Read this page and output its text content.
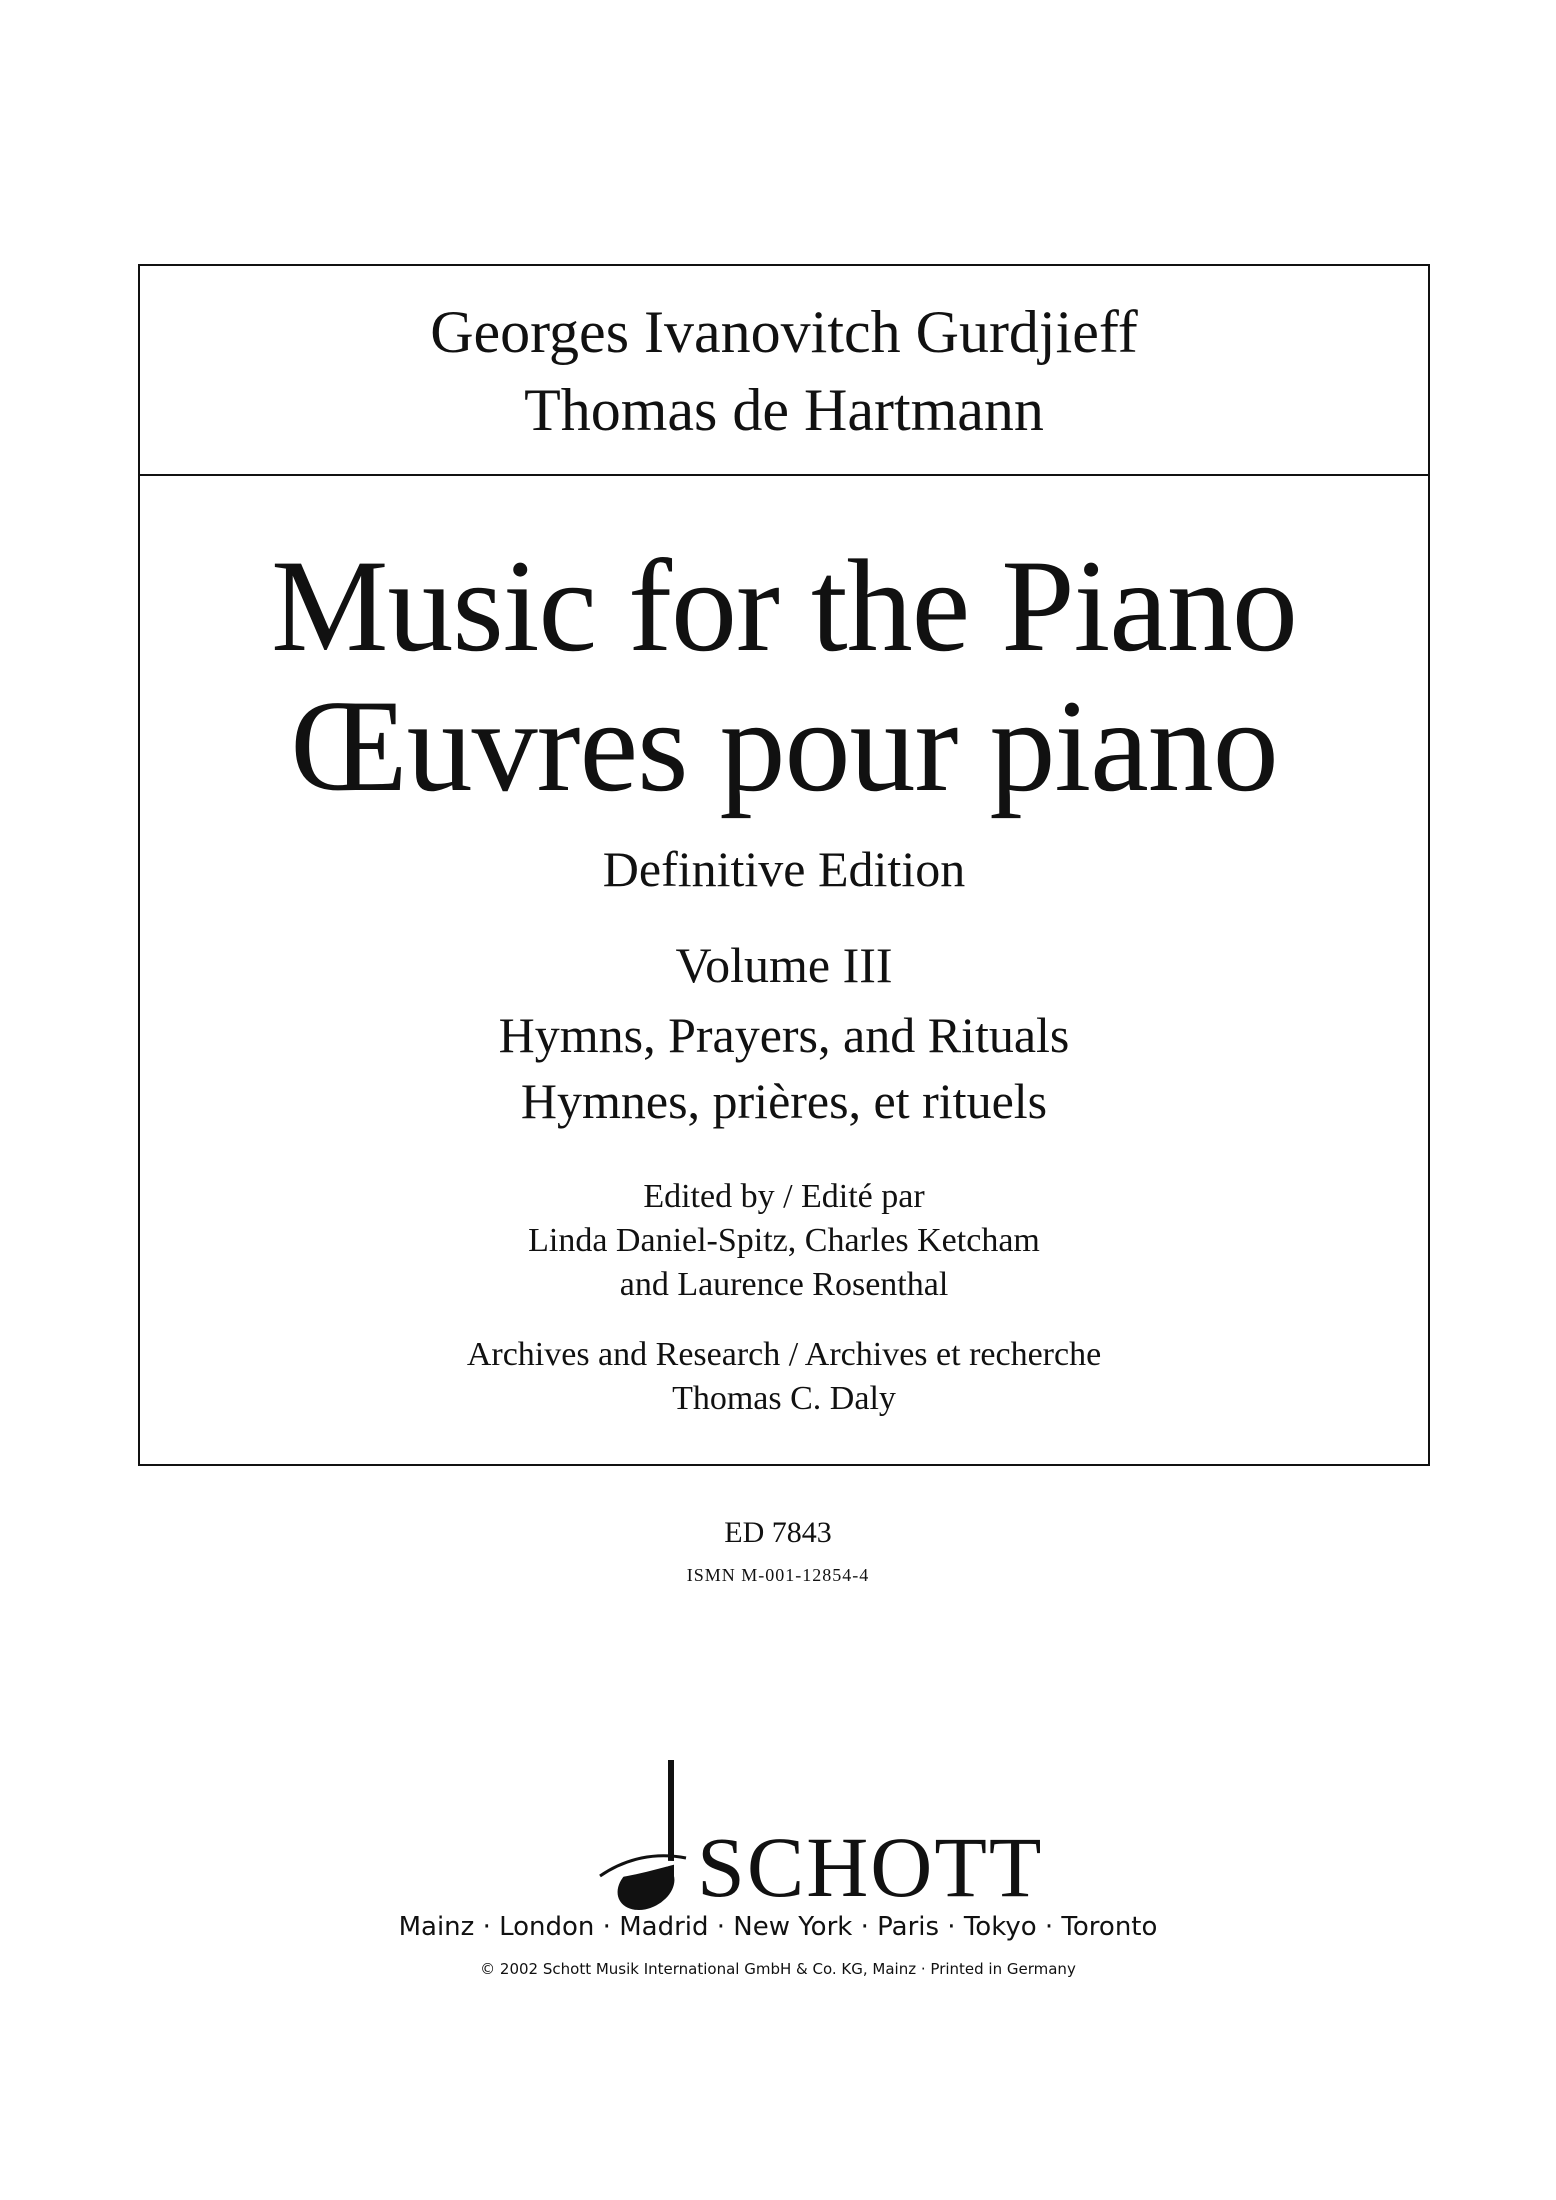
Georges Ivanovitch Gurdjieff
Thomas de Hartmann
Music for the Piano
Œuvres pour piano
Definitive Edition
Volume III
Hymns, Prayers, and Rituals
Hymnes, prières, et rituels
Edited by / Edité par
Linda Daniel-Spitz, Charles Ketcham
and Laurence Rosenthal
Archives and Research / Archives et recherche
Thomas C. Daly
ED 7843
ISMN M-001-12854-4
SCHOTT
Mainz · London · Madrid · New York · Paris · Tokyo · Toronto
© 2002 Schott Musik International GmbH & Co. KG, Mainz · Printed in Germany
